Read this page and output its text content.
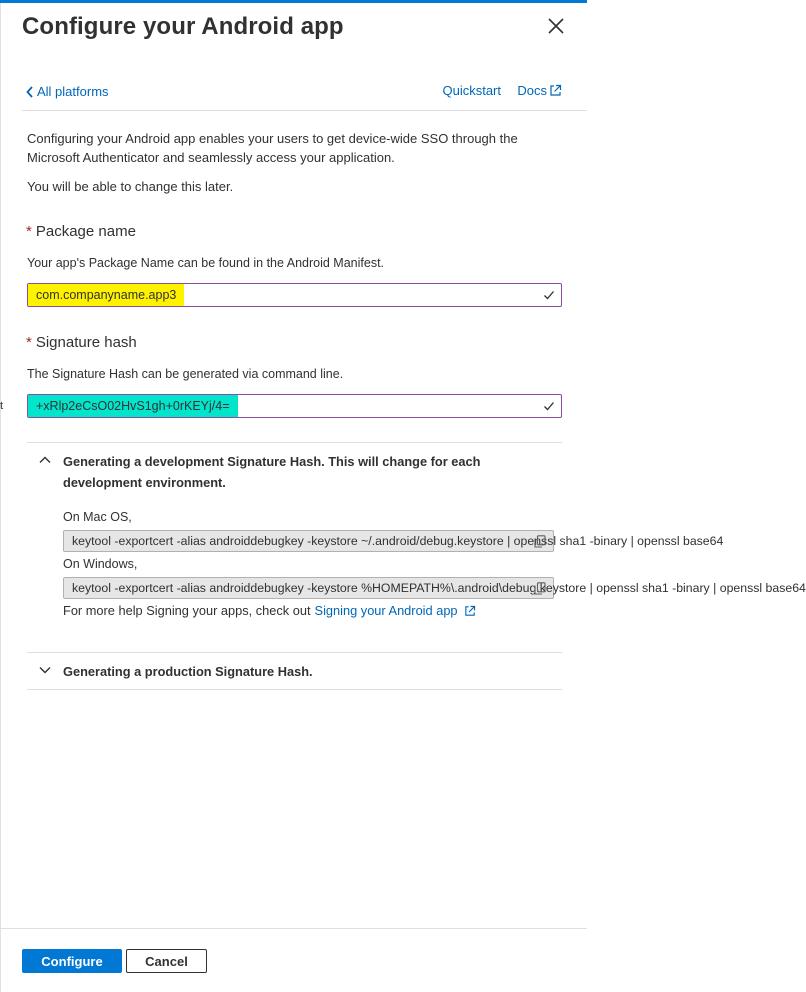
t
Configure your Android app
All platforms	Quickstart Docs
Configuring your Android app enables your users to get device-wide SSO through the Microsoft Authenticator and seamlessly access your application.
You will be able to change this later.
* Package name
Your app's Package Name can be found in the Android Manifest.
com.companyname.app3
* Signature hash
The Signature Hash can be generated via command line.
+xRlp2eCsO02HvS1gh+0rKEYj/4=
Generating a development Signature Hash. This will change for each development environment.
On Mac OS,
keytool -exportcert -alias androiddebugkey -keystore ~/.android/debug.keystore | openssl sha1 -binary | openssl base64
On Windows,
keytool -exportcert -alias androiddebugkey -keystore %HOMEPATH%\.android\debug.keystore | openssl sha1 -binary | openssl base64
For more help Signing your apps, check out Signing your Android app
Generating a production Signature Hash.
Configure	Cancel
